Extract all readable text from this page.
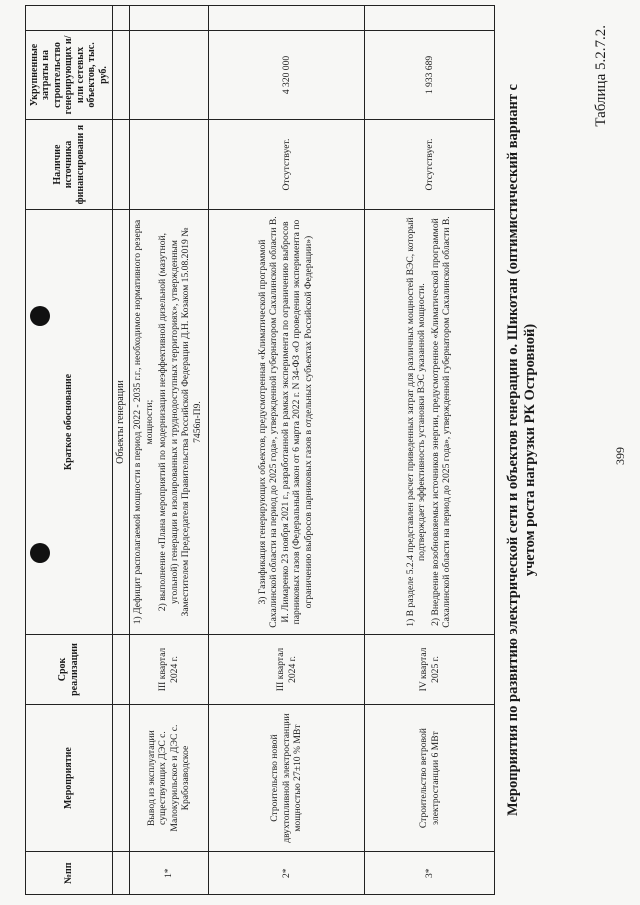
399
Таблица 5.2.7.2.
Мероприятия по развитию электрической сети и объектов генерации о. Шикотан (оптимистический вариант с учетом роста нагрузки РК Островной)
№пп	Мероприятие	Срок реализации	Краткое обоснование	Наличие источника финансировани я	Укрупненные затраты на строительство генерирующих и/или сетевых объектов, тыс. руб.	
			Объекты генерации			
1*	Вывод из эксплуатации существующих ДЭС с. Малокурильское и ДЭС с. Крабозаводское	III квартал 2024 г.	1) Дефицит располагаемой мощности в период 2022 - 2035 г.г., необходимое нормативного резерва мощности; 2) выполнение «Плана мероприятий по модернизации неэффективной дизельной (мазутной, угольной) генерации в изолированных и труднодоступных территориях», утвержденным Заместителем Председателя Правительства Российской Федерации Д.Н. Козаком 15.08.2019 № 7456п-П9.			

2*	Строительство новой двухтопливной электростанции мощностью 27±10 % МВт	III квартал 2024 г.	3) Газификация генерирующих объектов, предусмотренная «Климатической программой Сахалинской области на период до 2025 года», утвержденной губернатором Сахалинской области В. И. Лимаренко 23 ноября 2021 г., разработанной в рамках эксперимента по ограничению выбросов парниковых газов (Федеральный закон от 6 марта 2022 г. N 34-ФЗ «О проведении эксперимента по ограничению выбросов парниковых газов в отдельных субъектах Российской Федерации»)	Отсутствует.	4 320 000	
3*	Строительство ветровой электростанции 6 МВт	IV квартал 2025 г.	1) В разделе 5.2.4 представлен расчет приведенных затрат для различных мощностей ВЭС, который подтверждает эффективность установки ВЭС указанной мощности. 2) Внедрение возобновляемых источников энергии, предусмотренное «Климатической программой Сахалинской области на период до 2025 года», утвержденной губернатором Сахалинской области В.	Отсутствует.	1 933 689	
